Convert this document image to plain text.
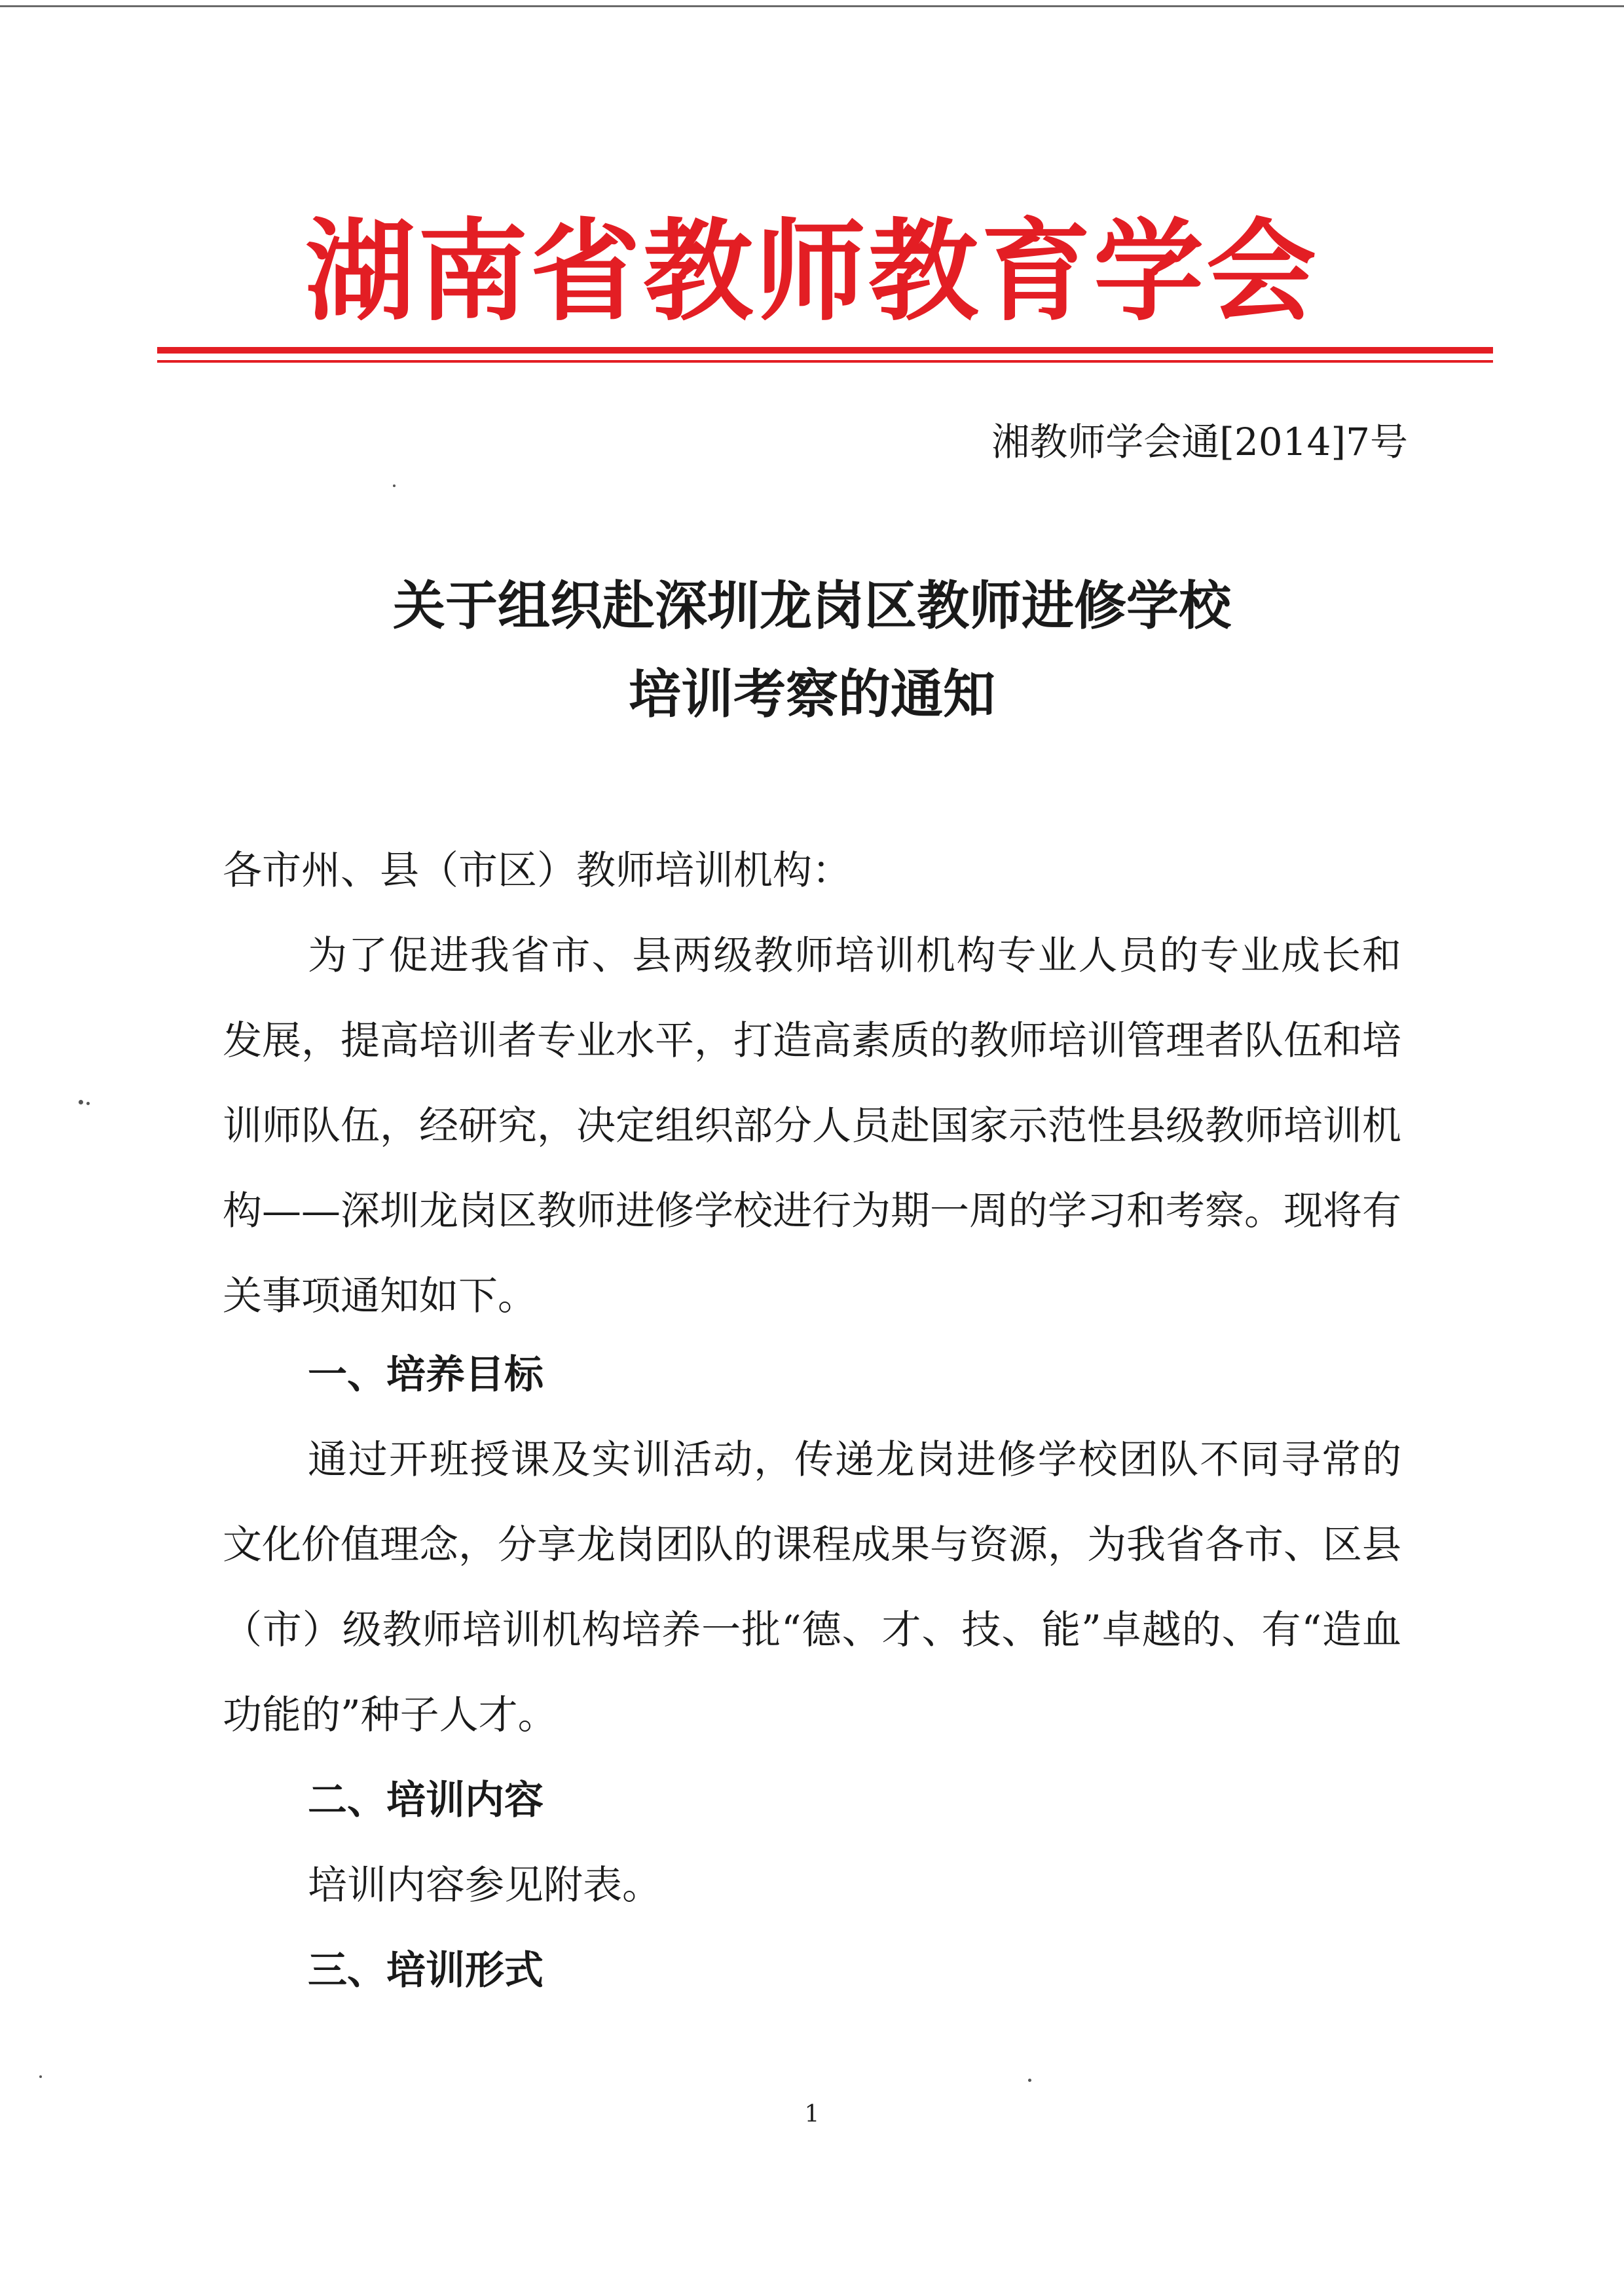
湖南省教师教育学会
湘教师学会通[2014]7号
关于组织赴深圳龙岗区教师进修学校
培训考察的通知
各市州、县（市区）教师培训机构：
为了促进我省市、县两级教师培训机构专业人员的专业成长和发展，提高培训者专业水平，打造高素质的教师培训管理者队伍和培训师队伍，经研究，决定组织部分人员赴国家示范性县级教师培训机构——深圳龙岗区教师进修学校进行为期一周的学习和考察。现将有关事项通知如下。
一、培养目标
通过开班授课及实训活动，传递龙岗进修学校团队不同寻常的文化价值理念，分享龙岗团队的课程成果与资源，为我省各市、区县（市）级教师培训机构培养一批“德、才、技、能”卓越的、有“造血功能的”种子人才。
二、培训内容
培训内容参见附表。
三、培训形式
1
